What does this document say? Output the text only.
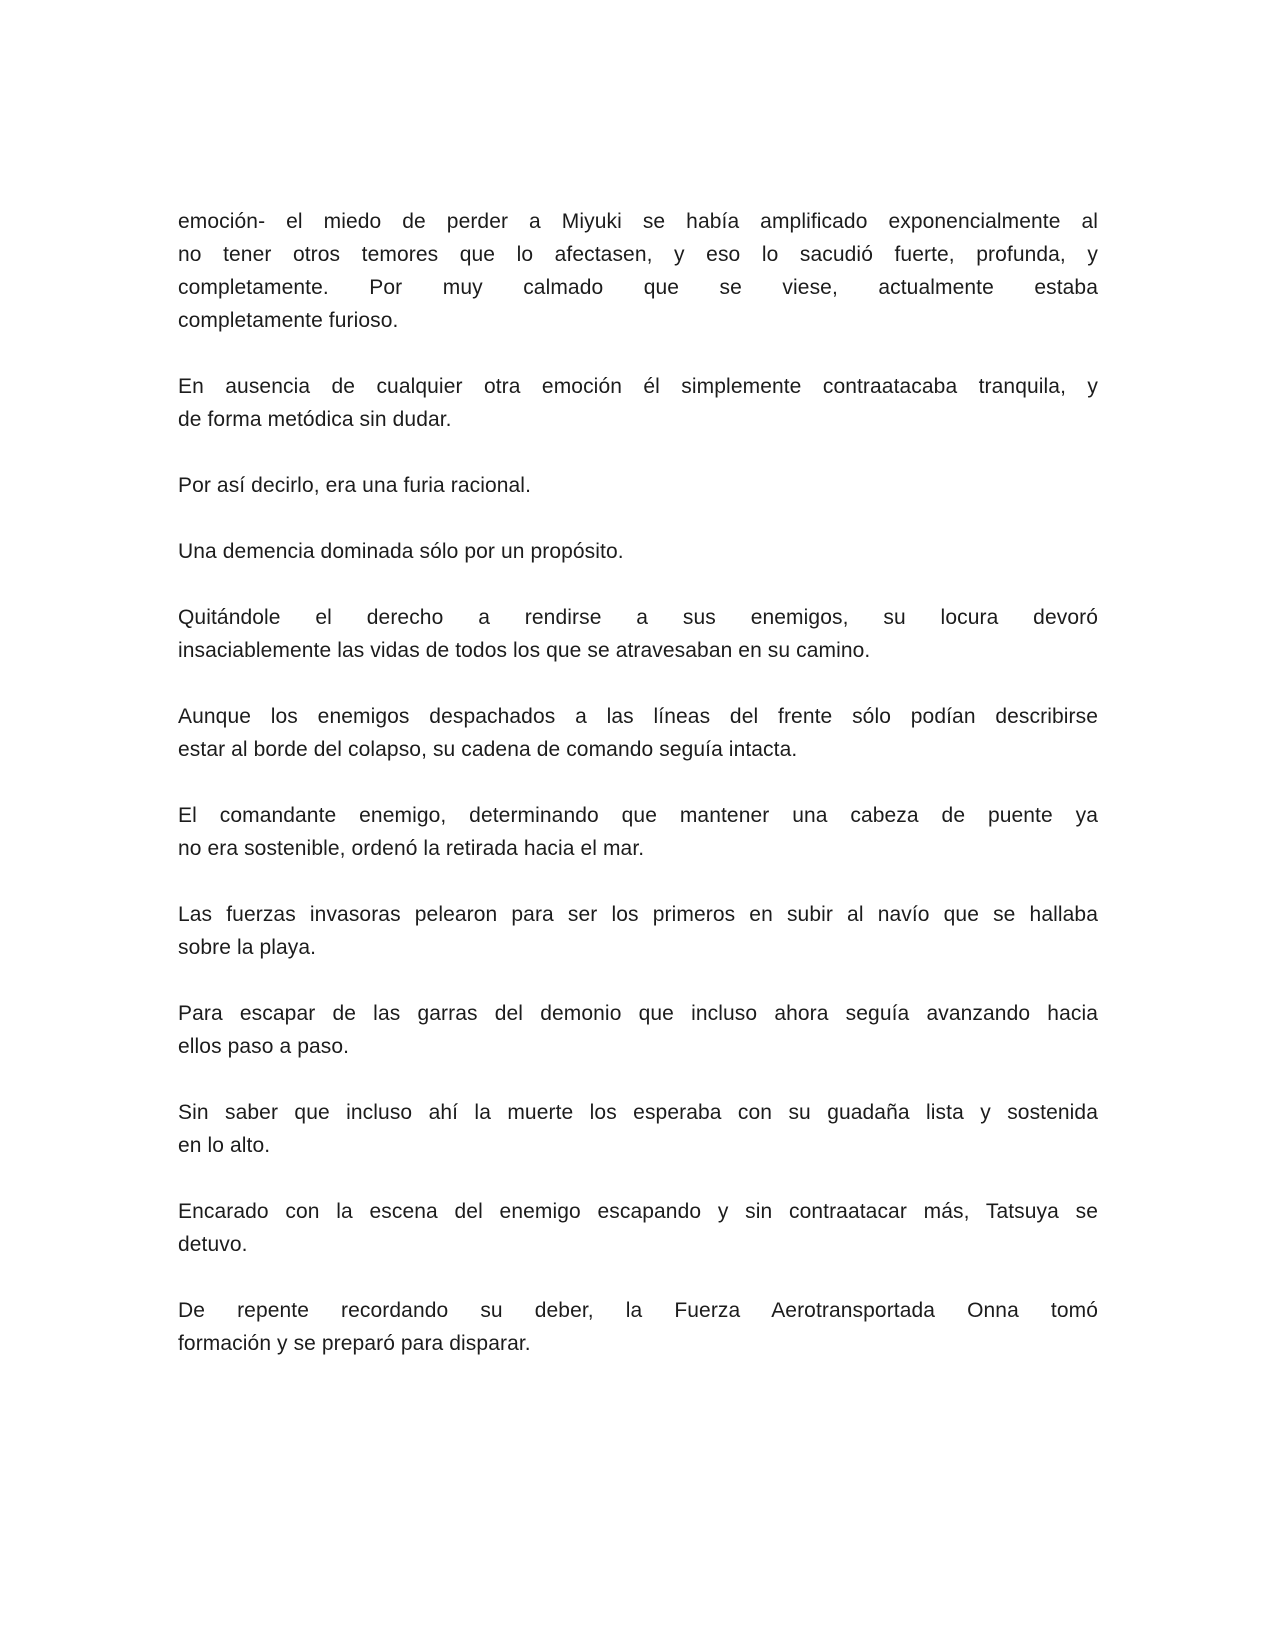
emoción- el miedo de perder a Miyuki se había amplificado exponencialmente al
no tener otros temores que lo afectasen, y eso lo sacudió fuerte, profunda, y
completamente. Por muy calmado que se viese, actualmente estaba
completamente furioso.
En ausencia de cualquier otra emoción él simplemente contraatacaba tranquila, y
de forma metódica sin dudar.
Por así decirlo, era una furia racional.
Una demencia dominada sólo por un propósito.
Quitándole el derecho a rendirse a sus enemigos, su locura devoró
insaciablemente las vidas de todos los que se atravesaban en su camino.
Aunque los enemigos despachados a las líneas del frente sólo podían describirse
estar al borde del colapso, su cadena de comando seguía intacta.
El comandante enemigo, determinando que mantener una cabeza de puente ya
no era sostenible, ordenó la retirada hacia el mar.
Las fuerzas invasoras pelearon para ser los primeros en subir al navío que se hallaba
sobre la playa.
Para escapar de las garras del demonio que incluso ahora seguía avanzando hacia
ellos paso a paso.
Sin saber que incluso ahí la muerte los esperaba con su guadaña lista y sostenida
en lo alto.
Encarado con la escena del enemigo escapando y sin contraatacar más, Tatsuya se
detuvo.
De repente recordando su deber, la Fuerza Aerotransportada Onna tomó
formación y se preparó para disparar.
